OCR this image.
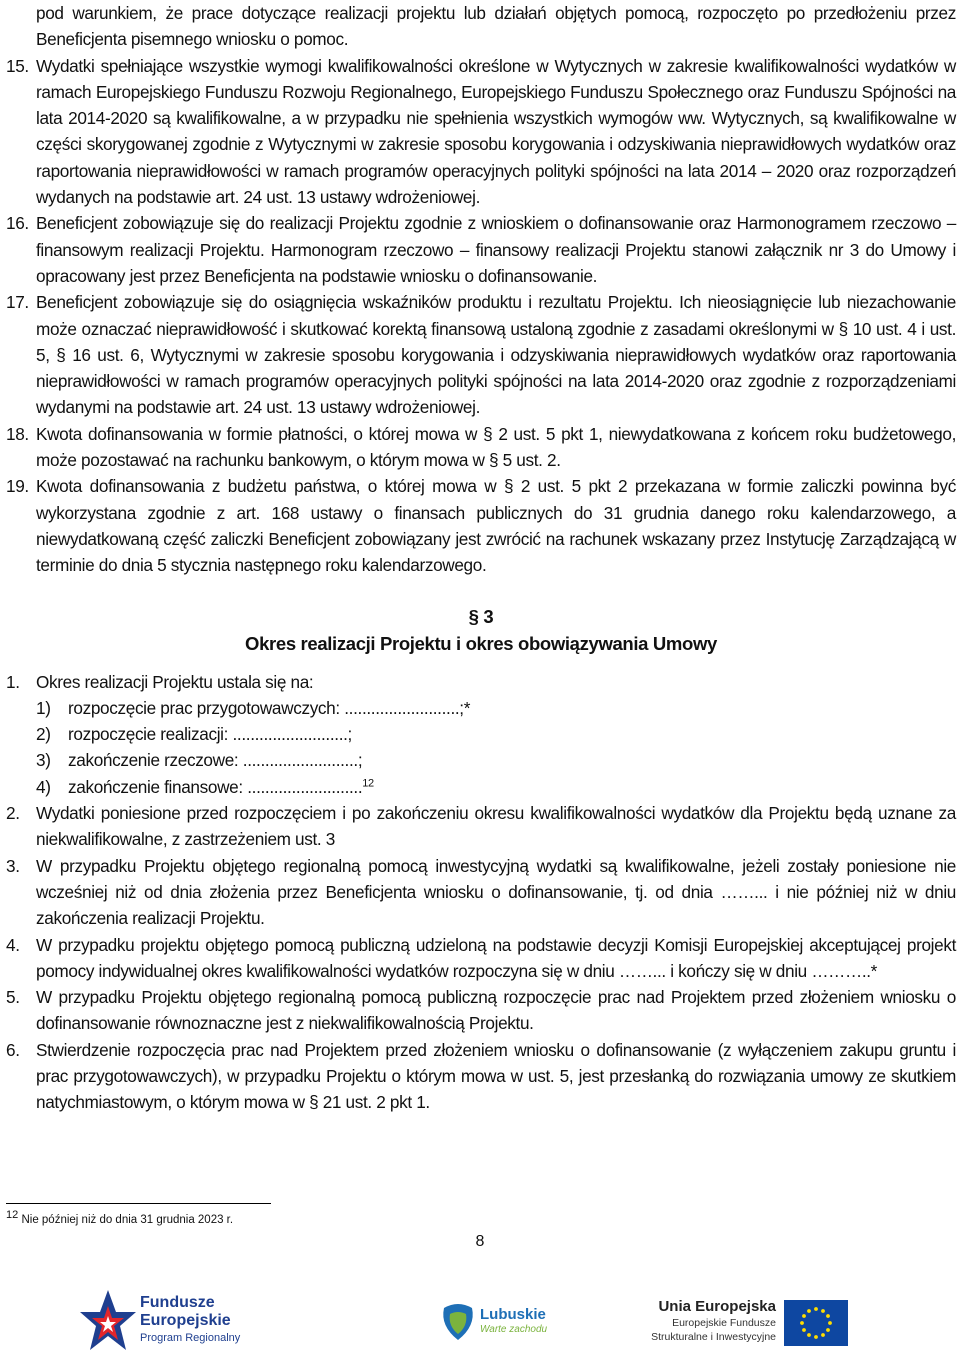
pod warunkiem, że prace dotyczące realizacji projektu lub działań objętych pomocą, rozpoczęto po przedłożeniu przez Beneficjenta pisemnego wniosku o pomoc.

15. Wydatki spełniające wszystkie wymogi kwalifikowalności określone w Wytycznych w zakresie kwalifikowalności wydatków w ramach Europejskiego Funduszu Rozwoju Regionalnego, Europejskiego Funduszu Społecznego oraz Funduszu Spójności na lata 2014-2020 są kwalifikowalne, a w przypadku nie spełnienia wszystkich wymogów ww. Wytycznych, są kwalifikowalne w części skorygowanej zgodnie z Wytycznymi w zakresie sposobu korygowania i odzyskiwania nieprawidłowych wydatków oraz raportowania nieprawidłowości w ramach programów operacyjnych polityki spójności na lata 2014 – 2020 oraz rozporządzeń wydanych na podstawie art. 24 ust. 13 ustawy wdrożeniowej.
16. Beneficjent zobowiązuje się do realizacji Projektu zgodnie z wnioskiem o dofinansowanie oraz Harmonogramem rzeczowo – finansowym realizacji Projektu. Harmonogram rzeczowo – finansowy realizacji Projektu stanowi załącznik nr 3 do Umowy i opracowany jest przez Beneficjenta na podstawie wniosku o dofinansowanie.
17. Beneficjent zobowiązuje się do osiągnięcia wskaźników produktu i rezultatu Projektu. Ich nieosiągnięcie lub niezachowanie może oznaczać nieprawidłowość i skutkować korektą finansową ustaloną zgodnie z zasadami określonymi w § 10 ust. 4 i ust. 5, § 16 ust. 6, Wytycznymi w zakresie sposobu korygowania i odzyskiwania nieprawidłowych wydatków oraz raportowania nieprawidłowości w ramach programów operacyjnych polityki spójności na lata 2014-2020 oraz zgodnie z rozporządzeniami wydanymi na podstawie art. 24 ust. 13 ustawy wdrożeniowej.
18. Kwota dofinansowania w formie płatności, o której mowa w § 2 ust. 5 pkt 1, niewydatkowana z końcem roku budżetowego, może pozostawać na rachunku bankowym, o którym mowa w § 5 ust. 2.
19. Kwota dofinansowania z budżetu państwa, o której mowa w § 2 ust. 5 pkt 2 przekazana w formie zaliczki powinna być wykorzystana zgodnie z art. 168 ustawy o finansach publicznych do 31 grudnia danego roku kalendarzowego, a niewydatkowaną część zaliczki Beneficjent zobowiązany jest zwrócić na rachunek wskazany przez Instytucję Zarządzającą w terminie do dnia 5 stycznia następnego roku kalendarzowego.
§ 3
Okres realizacji Projektu i okres obowiązywania Umowy
1. Okres realizacji Projektu ustala się na:
1) rozpoczęcie prac przygotowawczych: ..........................;*
2) rozpoczęcie realizacji: ..........................;
3) zakończenie rzeczowe: ..........................;
4) zakończenie finansowe: ..........................$^{12}$
2. Wydatki poniesione przed rozpoczęciem i po zakończeniu okresu kwalifikowalności wydatków dla Projektu będą uznane za niekwalifikowalne, z zastrzeżeniem ust. 3
3. W przypadku Projektu objętego regionalną pomocą inwestycyjną wydatki są kwalifikowalne, jeżeli zostały poniesione nie wcześniej niż od dnia złożenia przez Beneficjenta wniosku o dofinansowanie, tj. od dnia ……... i nie później niż w dniu zakończenia realizacji Projektu.
4. W przypadku projektu objętego pomocą publiczną udzieloną na podstawie decyzji Komisji Europejskiej akceptującej projekt pomocy indywidualnej okres kwalifikowalności wydatków rozpoczyna się w dniu ……... i kończy się w dniu ………..*
5. W przypadku Projektu objętego regionalną pomocą publiczną rozpoczęcie prac nad Projektem przed złożeniem wniosku o dofinansowanie równoznaczne jest z niekwalifikowalnością Projektu.
6. Stwierdzenie rozpoczęcia prac nad Projektem przed złożeniem wniosku o dofinansowanie (z wyłączeniem zakupu gruntu i prac przygotowawczych), w przypadku Projektu o którym mowa w ust. 5, jest przesłanką do rozwiązania umowy ze skutkiem natychmiastowym, o którym mowa w § 21 ust. 2 pkt 1.
$^{12}$ Nie później niż do dnia 31 grudnia 2023 r.
8
Fundusze
Europejskie
Program Regionalny
Lubuskie
Warte zachodu
Unia Europejska
Europejskie Fundusze
Strukturalne i Inwestycyjne
